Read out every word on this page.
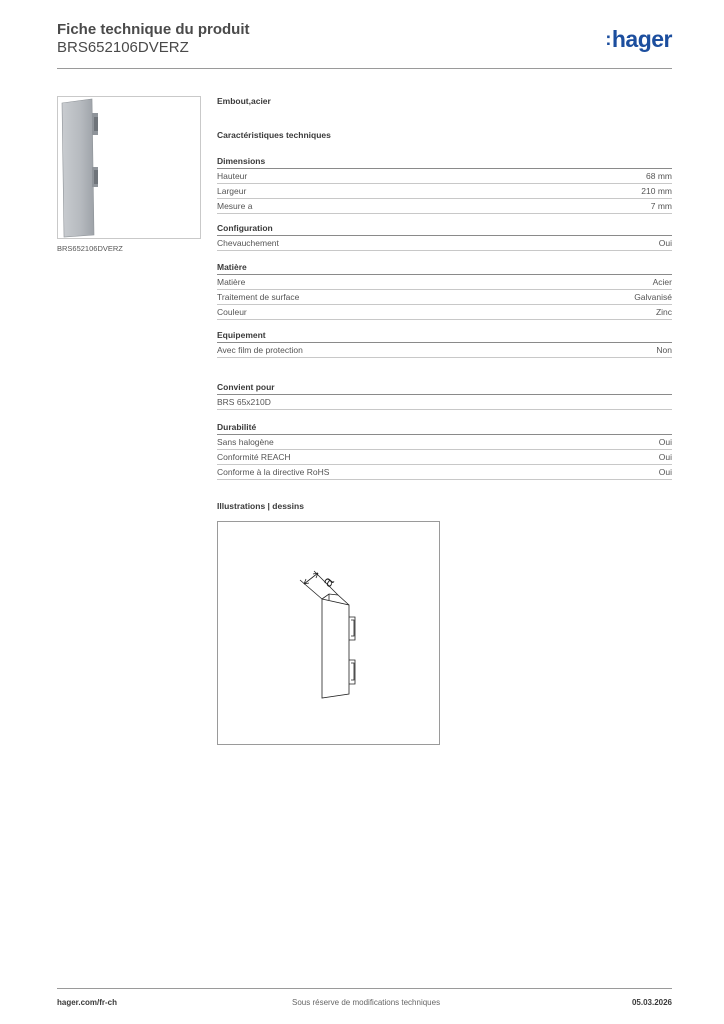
Fiche technique du produit
BRS652106DVERZ	:hager
BRS652106DVERZ
Embout,acier
Caractéristiques techniques
Dimensions
Hauteur	68 mm
Largeur	210 mm
Mesure a	7 mm
Configuration
Chevauchement	Oui
Matière
Matière	Acier
Traitement de surface	Galvanisé
Couleur	Zinc
Equipement
Avec film de protection	Non
Convient pour
BRS 65x210D
Durabilité
Sans halogène	Oui
Conformité REACH	Oui
Conforme à la directive RoHS	Oui
Illustrations | dessins
a
hager.com/fr-ch	Sous réserve de modifications techniques	05.03.2026
